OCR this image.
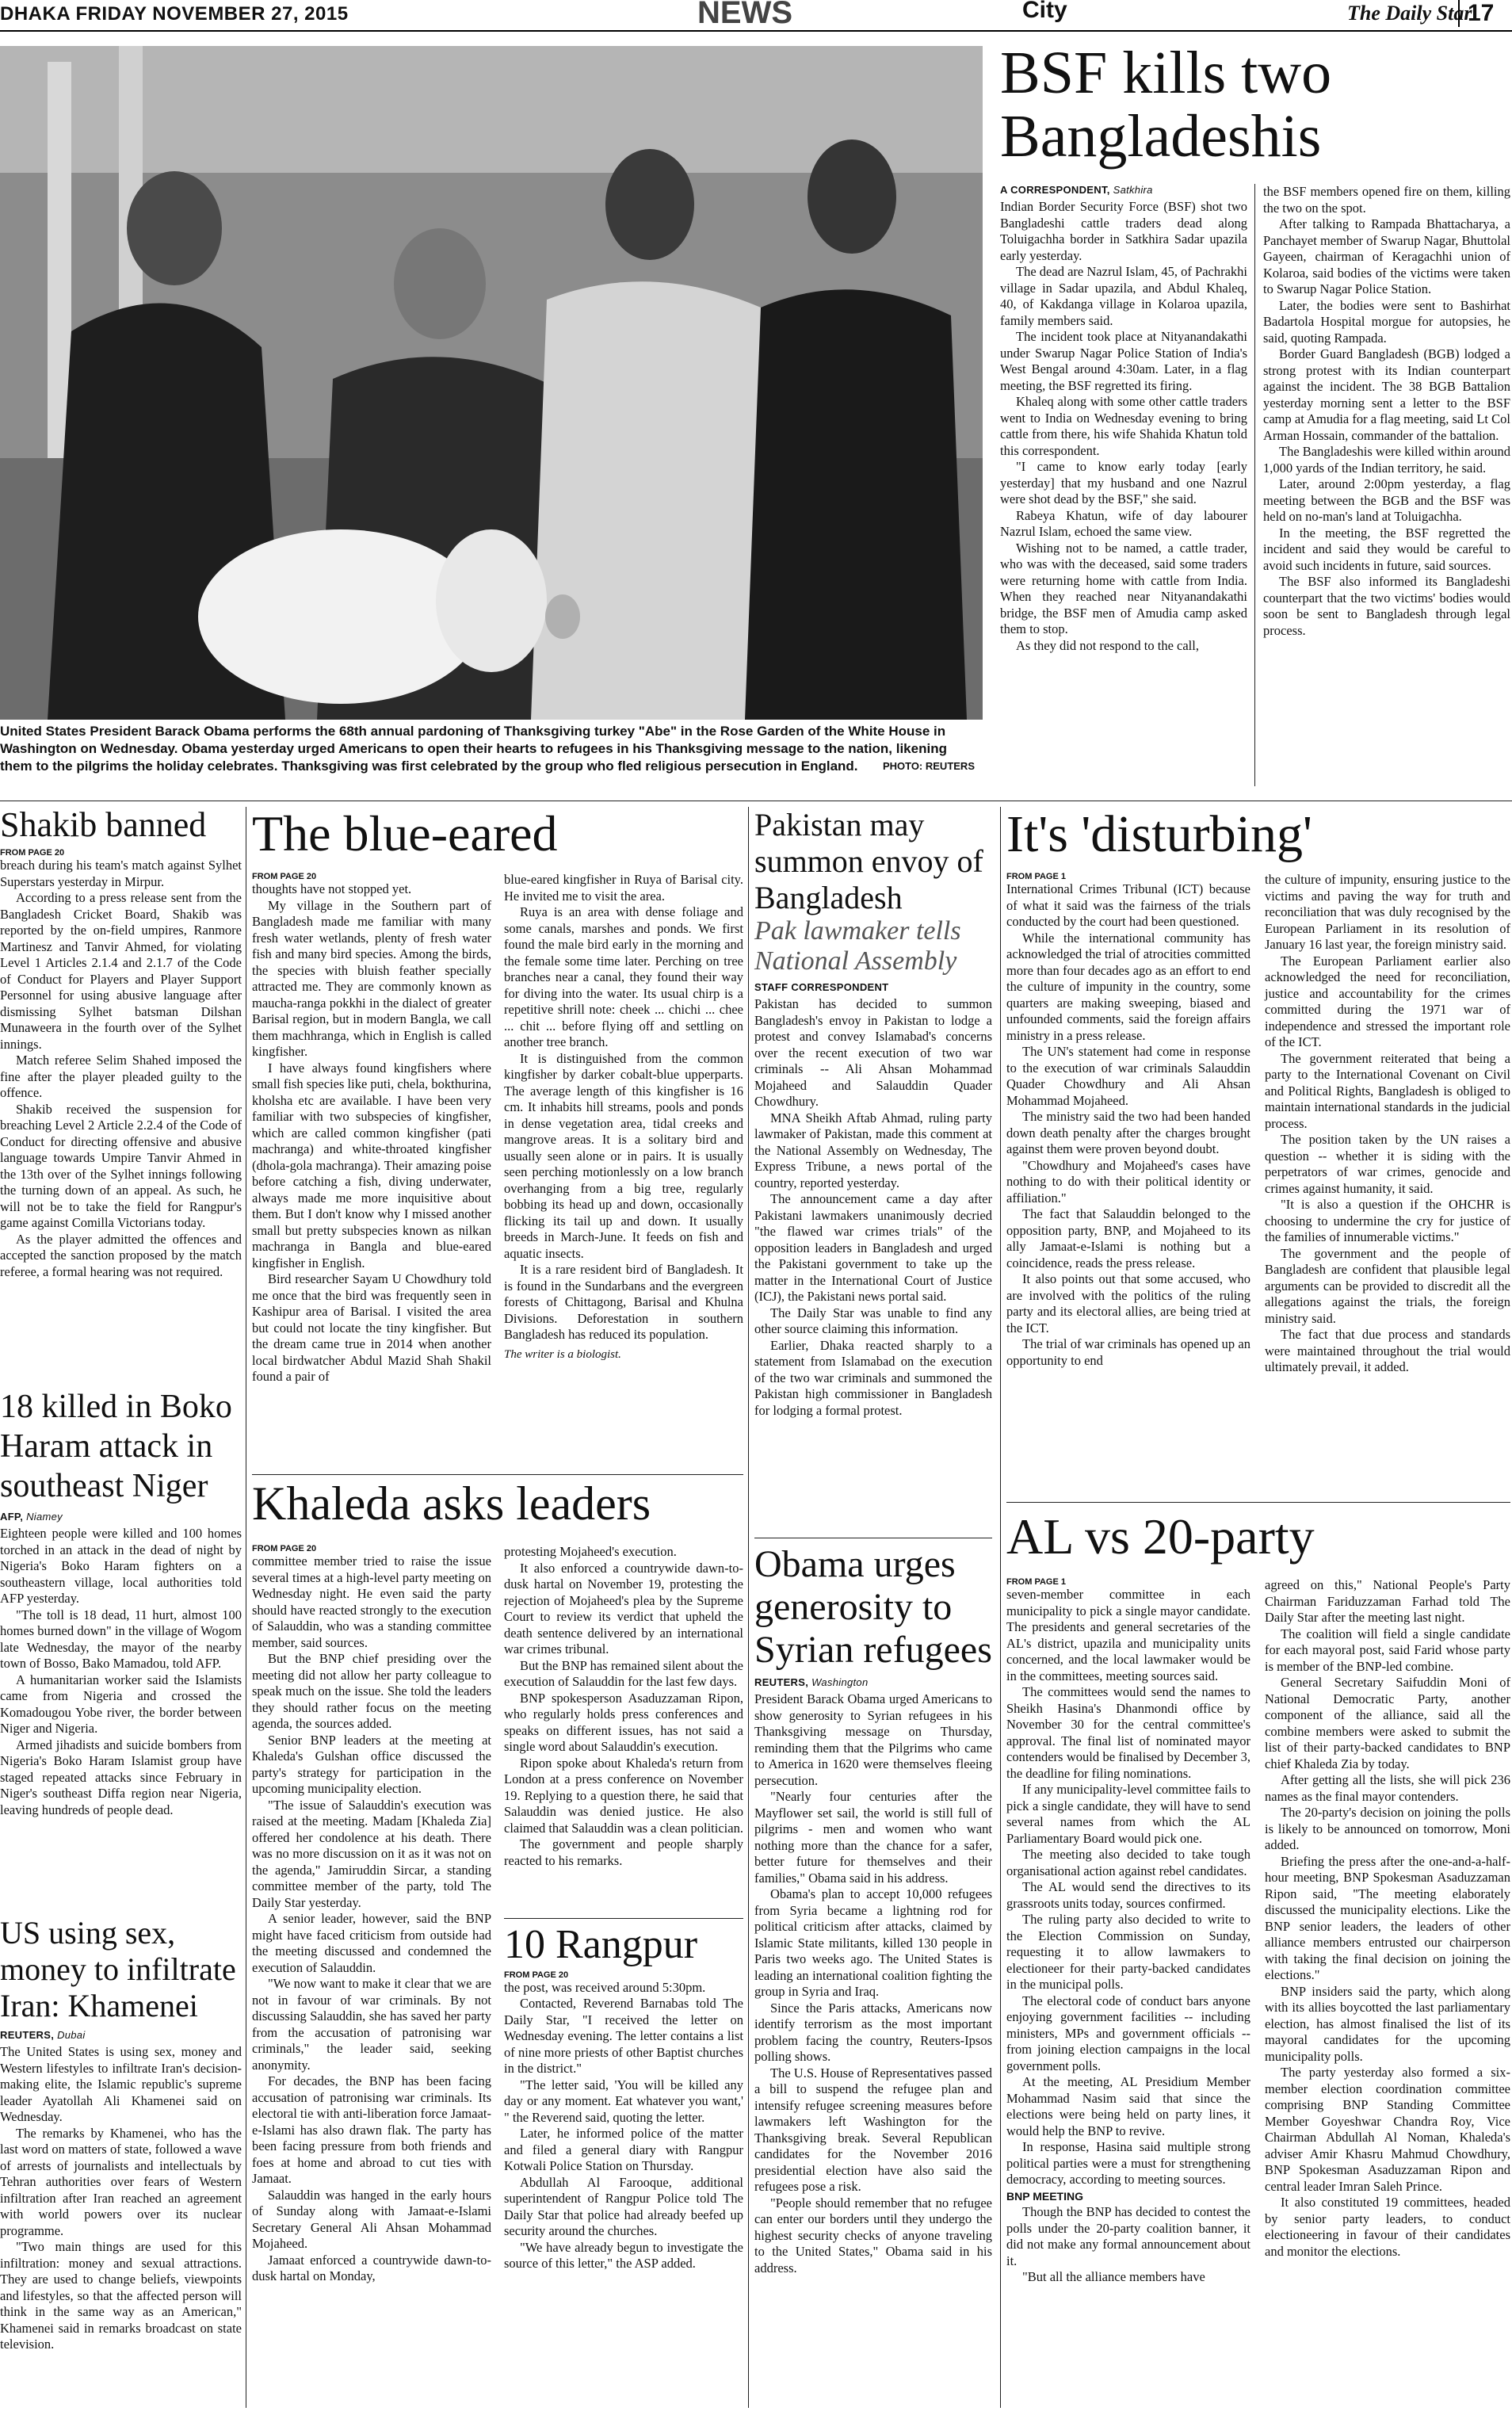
DHAKA FRIDAY NOVEMBER 27, 2015	NEWS	City	The Daily Star
17
United States President Barack Obama performs the 68th annual pardoning of Thanksgiving turkey "Abe" in the Rose Garden of the White House in Washington on Wednesday. Obama yesterday urged Americans to open their hearts to refugees in his Thanksgiving message to the nation, likening them to the pilgrims the holiday celebrates. Thanksgiving was first celebrated by the group who fled religious persecution in England. PHOTO: REUTERS
BSF kills two
Bangladeshis
A CORRESPONDENT, Satkhira

Indian Border Security Force (BSF) shot two Bangladeshi cattle traders dead along Toluigachha border in Satkhira Sadar upazila early yesterday.

The dead are Nazrul Islam, 45, of Pachrakhi village in Sadar upazila, and Abdul Khaleq, 40, of Kakdanga village in Kolaroa upazila, family members said.

The incident took place at Nityanandakathi under Swarup Nagar Police Station of India's West Bengal around 4:30am. Later, in a flag meeting, the BSF regretted its firing.

Khaleq along with some other cattle traders went to India on Wednesday evening to bring cattle from there, his wife Shahida Khatun told this correspondent.

"I came to know early today [early yesterday] that my husband and one Nazrul were shot dead by the BSF," she said.

Rabeya Khatun, wife of day labourer Nazrul Islam, echoed the same view.

Wishing not to be named, a cattle trader, who was with the deceased, said some traders were returning home with cattle from India. When they reached near Nityanandakathi bridge, the BSF men of Amudia camp asked them to stop.

As they did not respond to the call,

the BSF members opened fire on them, killing the two on the spot.

After talking to Rampada Bhattacharya, a Panchayet member of Swarup Nagar, Bhuttolal Gayeen, chairman of Keragachhi union of Kolaroa, said bodies of the victims were taken to Swarup Nagar Police Station.

Later, the bodies were sent to Bashirhat Badartola Hospital morgue for autopsies, he said, quoting Rampada.

Border Guard Bangladesh (BGB) lodged a strong protest with its Indian counterpart against the incident. The 38 BGB Battalion yesterday morning sent a letter to the BSF camp at Amudia for a flag meeting, said Lt Col Arman Hossain, commander of the battalion.

The Bangladeshis were killed within around 1,000 yards of the Indian territory, he said.

Later, around 2:00pm yesterday, a flag meeting between the BGB and the BSF was held on no-man's land at Toluigachha.

In the meeting, the BSF regretted the incident and said they would be careful to avoid such incidents in future, said sources.

The BSF also informed its Bangladeshi counterpart that the two victims' bodies would soon be sent to Bangladesh through legal process.

Shakib banned
FROM PAGE 20

breach during his team's match against Sylhet Superstars yesterday in Mirpur.

According to a press release sent from the Bangladesh Cricket Board, Shakib was reported by the on-field umpires, Ranmore Martinesz and Tanvir Ahmed, for violating Level 1 Articles 2.1.4 and 2.1.7 of the Code of Conduct for Players and Player Support Personnel for using abusive language after dismissing Sylhet batsman Dilshan Munaweera in the fourth over of the Sylhet innings.

Match referee Selim Shahed imposed the fine after the player pleaded guilty to the offence.

Shakib received the suspension for breaching Level 2 Article 2.2.4 of the Code of Conduct for directing offensive and abusive language towards Umpire Tanvir Ahmed in the 13th over of the Sylhet innings following the turning down of an appeal. As such, he will not be to take the field for Rangpur's game against Comilla Victorians today.

As the player admitted the offences and accepted the sanction proposed by the match referee, a formal hearing was not required.

18 killed in Boko Haram attack in southeast Niger
AFP, Niamey

Eighteen people were killed and 100 homes torched in an attack in the dead of night by Nigeria's Boko Haram fighters on a southeastern village, local authorities told AFP yesterday.

"The toll is 18 dead, 11 hurt, almost 100 homes burned down" in the village of Wogom late Wednesday, the mayor of the nearby town of Bosso, Bako Mamadou, told AFP.

A humanitarian worker said the Islamists came from Nigeria and crossed the Komadougou Yobe river, the border between Niger and Nigeria.

Armed jihadists and suicide bombers from Nigeria's Boko Haram Islamist group have staged repeated attacks since February in Niger's southeast Diffa region near Nigeria, leaving hundreds of people dead.

US using sex, money to infiltrate Iran: Khamenei
REUTERS, Dubai

The United States is using sex, money and Western lifestyles to infiltrate Iran's decision-making elite, the Islamic republic's supreme leader Ayatollah Ali Khamenei said on Wednesday.

The remarks by Khamenei, who has the last word on matters of state, followed a wave of arrests of journalists and intellectuals by Tehran authorities over fears of Western infiltration after Iran reached an agreement with world powers over its nuclear programme.

"Two main things are used for this infiltration: money and sexual attractions. They are used to change beliefs, viewpoints and lifestyles, so that the affected person will think in the same way as an American," Khamenei said in remarks broadcast on state television.

The blue-eared
FROM PAGE 20

thoughts have not stopped yet.

My village in the Southern part of Bangladesh made me familiar with many fresh water wetlands, plenty of fresh water fish and many bird species. Among the birds, the species with bluish feather specially attracted me. They are commonly known as maucha-ranga pokkhi in the dialect of greater Barisal region, but in modern Bangla, we call them machhranga, which in English is called kingfisher.

I have always found kingfishers where small fish species like puti, chela, bokthurina, kholsha etc are available. I have been very familiar with two subspecies of kingfisher, which are called common kingfisher (pati machranga) and white-throated kingfisher (dhola-gola machranga). Their amazing poise before catching a fish, diving underwater, always made me more inquisitive about them. But I don't know why I missed another small but pretty subspecies known as nilkan machranga in Bangla and blue-eared kingfisher in English.

Bird researcher Sayam U Chowdhury told me once that the bird was frequently seen in Kashipur area of Barisal. I visited the area but could not locate the tiny kingfisher. But the dream came true in 2014 when another local birdwatcher Abdul Mazid Shah Shakil found a pair of

blue-eared kingfisher in Ruya of Barisal city. He invited me to visit the area.

Ruya is an area with dense foliage and some canals, marshes and ponds. We first found the male bird early in the morning and the female some time later. Perching on tree branches near a canal, they found their way for diving into the water. Its usual chirp is a repetitive shrill note: cheek ... chichi ... chee ... chit ... before flying off and settling on another tree branch.

It is distinguished from the common kingfisher by darker cobalt-blue upperparts. The average length of this kingfisher is 16 cm. It inhabits hill streams, pools and ponds in dense vegetation area, tidal creeks and mangrove areas. It is a solitary bird and usually seen alone or in pairs. It is usually seen perching motionlessly on a low branch overhanging from a big tree, regularly bobbing its head up and down, occasionally flicking its tail up and down. It usually breeds in March-June. It feeds on fish and aquatic insects.

It is a rare resident bird of Bangladesh. It is found in the Sundarbans and the evergreen forests of Chittagong, Barisal and Khulna Divisions. Deforestation in southern Bangladesh has reduced its population.

The writer is a biologist.
Khaleda asks leaders
FROM PAGE 20

committee member tried to raise the issue several times at a high-level party meeting on Wednesday night. He even said the party should have reacted strongly to the execution of Salauddin, who was a standing committee member, said sources.

But the BNP chief presiding over the meeting did not allow her party colleague to speak much on the issue. She told the leaders they should rather focus on the meeting agenda, the sources added.

Senior BNP leaders at the meeting at Khaleda's Gulshan office discussed the party's strategy for participation in the upcoming municipality election.

"The issue of Salauddin's execution was raised at the meeting. Madam [Khaleda Zia] offered her condolence at his death. There was no more discussion on it as it was not on the agenda," Jamiruddin Sircar, a standing committee member of the party, told The Daily Star yesterday.

A senior leader, however, said the BNP might have faced criticism from outside had the meeting discussed and condemned the execution of Salauddin.

"We now want to make it clear that we are not in favour of war criminals. By not discussing Salauddin, she has saved her party from the accusation of patronising war criminals," the leader said, seeking anonymity.

For decades, the BNP has been facing accusation of patronising war criminals. Its electoral tie with anti-liberation force Jamaat-e-Islami has also drawn flak. The party has been facing pressure from both friends and foes at home and abroad to cut ties with Jamaat.

Salauddin was hanged in the early hours of Sunday along with Jamaat-e-Islami Secretary General Ali Ahsan Mohammad Mojaheed.

Jamaat enforced a countrywide dawn-to-dusk hartal on Monday,

protesting Mojaheed's execution.

It also enforced a countrywide dawn-to-dusk hartal on November 19, protesting the rejection of Mojaheed's plea by the Supreme Court to review its verdict that upheld the death sentence delivered by an international war crimes tribunal.

But the BNP has remained silent about the execution of Salauddin for the last few days.

BNP spokesperson Asaduzzaman Ripon, who regularly holds press conferences and speaks on different issues, has not said a single word about Salauddin's execution.

Ripon spoke about Khaleda's return from London at a press conference on November 19. Replying to a question there, he said that Salauddin was denied justice. He also claimed that Salauddin was a clean politician.

The government and people sharply reacted to his remarks.

10 Rangpur
FROM PAGE 20

the post, was received around 5:30pm.

Contacted, Reverend Barnabas told The Daily Star, "I received the letter on Wednesday evening. The letter contains a list of nine more priests of other Baptist churches in the district."

"The letter said, 'You will be killed any day or any moment. Eat whatever you want,' " the Reverend said, quoting the letter.

Later, he informed police of the matter and filed a general diary with Rangpur Kotwali Police Station on Thursday.

Abdullah Al Farooque, additional superintendent of Rangpur Police told The Daily Star that police had already beefed up security around the churches.

"We have already begun to investigate the source of this letter," the ASP added.

Pakistan may summon envoy of Bangladesh
Pak lawmaker tells National Assembly
STAFF CORRESPONDENT

Pakistan has decided to summon Bangladesh's envoy in Pakistan to lodge a protest and convey Islamabad's concerns over the recent execution of two war criminals -- Ali Ahsan Mohammad Mojaheed and Salauddin Quader Chowdhury.

MNA Sheikh Aftab Ahmad, ruling party lawmaker of Pakistan, made this comment at the National Assembly on Wednesday, The Express Tribune, a news portal of the country, reported yesterday.

The announcement came a day after Pakistani lawmakers unanimously decried "the flawed war crimes trials" of the opposition leaders in Bangladesh and urged the Pakistani government to take up the matter in the International Court of Justice (ICJ), the Pakistani news portal said.

The Daily Star was unable to find any other source claiming this information.

Earlier, Dhaka reacted sharply to a statement from Islamabad on the execution of the two war criminals and summoned the Pakistan high commissioner in Bangladesh for lodging a formal protest.

Obama urges generosity to Syrian refugees
REUTERS, Washington

President Barack Obama urged Americans to show generosity to Syrian refugees in his Thanksgiving message on Thursday, reminding them that the Pilgrims who came to America in 1620 were themselves fleeing persecution.

"Nearly four centuries after the Mayflower set sail, the world is still full of pilgrims - men and women who want nothing more than the chance for a safer, better future for themselves and their families," Obama said in his address.

Obama's plan to accept 10,000 refugees from Syria became a lightning rod for political criticism after attacks, claimed by Islamic State militants, killed 130 people in Paris two weeks ago. The United States is leading an international coalition fighting the group in Syria and Iraq.

Since the Paris attacks, Americans now identify terrorism as the most important problem facing the country, Reuters-Ipsos polling shows.

The U.S. House of Representatives passed a bill to suspend the refugee plan and intensify refugee screening measures before lawmakers left Washington for the Thanksgiving break. Several Republican candidates for the November 2016 presidential election have also said the refugees pose a risk.

"People should remember that no refugee can enter our borders until they undergo the highest security checks of anyone traveling to the United States," Obama said in his address.

It's 'disturbing'
FROM PAGE 1

International Crimes Tribunal (ICT) because of what it said was the fairness of the trials conducted by the court had been questioned.

While the international community has acknowledged the trial of atrocities committed more than four decades ago as an effort to end the culture of impunity in the country, some quarters are making sweeping, biased and unfounded comments, said the foreign affairs ministry in a press release.

The UN's statement had come in response to the execution of war criminals Salauddin Quader Chowdhury and Ali Ahsan Mohammad Mojaheed.

The ministry said the two had been handed down death penalty after the charges brought against them were proven beyond doubt.

"Chowdhury and Mojaheed's cases have nothing to do with their political identity or affiliation."

The fact that Salauddin belonged to the opposition party, BNP, and Mojaheed to its ally Jamaat-e-Islami is nothing but a coincidence, reads the press release.

It also points out that some accused, who are involved with the politics of the ruling party and its electoral allies, are being tried at the ICT.

The trial of war criminals has opened up an opportunity to end

the culture of impunity, ensuring justice to the victims and paving the way for truth and reconciliation that was duly recognised by the European Parliament in its resolution of January 16 last year, the foreign ministry said.

The European Parliament earlier also acknowledged the need for reconciliation, justice and accountability for the crimes committed during the 1971 war of independence and stressed the important role of the ICT.

The government reiterated that being a party to the International Covenant on Civil and Political Rights, Bangladesh is obliged to maintain international standards in the judicial process.

The position taken by the UN raises a question -- whether it is siding with the perpetrators of war crimes, genocide and crimes against humanity, it said.

"It is also a question if the OHCHR is choosing to undermine the cry for justice of the families of innumerable victims."

The government and the people of Bangladesh are confident that plausible legal arguments can be provided to discredit all the allegations against the trials, the foreign ministry said.

The fact that due process and standards were maintained throughout the trial would ultimately prevail, it added.

AL vs 20-party
FROM PAGE 1

seven-member committee in each municipality to pick a single mayor candidate. The presidents and general secretaries of the AL's district, upazila and municipality units concerned, and the local lawmaker would be in the committees, meeting sources said.

The committees would send the names to Sheikh Hasina's Dhanmondi office by November 30 for the central committee's approval. The final list of nominated mayor contenders would be finalised by December 3, the deadline for filing nominations.

If any municipality-level committee fails to pick a single candidate, they will have to send several names from which the AL Parliamentary Board would pick one.

The meeting also decided to take tough organisational action against rebel candidates.

The AL would send the directives to its grassroots units today, sources confirmed.

The ruling party also decided to write to the Election Commission on Sunday, requesting it to allow lawmakers to electioneer for their party-backed candidates in the municipal polls.

The electoral code of conduct bars anyone enjoying government facilities -- including ministers, MPs and government officials -- from joining election campaigns in the local government polls.

At the meeting, AL Presidium Member Mohammad Nasim said that since the elections were being held on party lines, it would help the BNP to revive.

In response, Hasina said multiple strong political parties were a must for strengthening democracy, according to meeting sources.

BNP MEETING

Though the BNP has decided to contest the polls under the 20-party coalition banner, it did not make any formal announcement about it.

"But all the alliance members have

agreed on this," National People's Party Chairman Fariduzzaman Farhad told The Daily Star after the meeting last night.

The coalition will field a single candidate for each mayoral post, said Farid whose party is member of the BNP-led combine.

General Secretary Saifuddin Moni of National Democratic Party, another component of the alliance, said all the combine members were asked to submit the list of their party-backed candidates to BNP chief Khaleda Zia by today.

After getting all the lists, she will pick 236 names as the final mayor contenders.

The 20-party's decision on joining the polls is likely to be announced on tomorrow, Moni added.

Briefing the press after the one-and-a-half-hour meeting, BNP Spokesman Asaduzzaman Ripon said, "The meeting elaborately discussed the municipality elections. Like the BNP senior leaders, the leaders of other alliance members entrusted our chairperson with taking the final decision on joining the elections."

BNP insiders said the party, which along with its allies boycotted the last parliamentary election, has almost finalised the list of its mayoral candidates for the upcoming municipality polls.

The party yesterday also formed a six-member election coordination committee comprising BNP Standing Committee Member Goyeshwar Chandra Roy, Vice Chairman Abdullah Al Noman, Khaleda's adviser Amir Khasru Mahmud Chowdhury, BNP Spokesman Asaduzzaman Ripon and central leader Imran Saleh Prince.

It also constituted 19 committees, headed by senior party leaders, to conduct electioneering in favour of their candidates and monitor the elections.
